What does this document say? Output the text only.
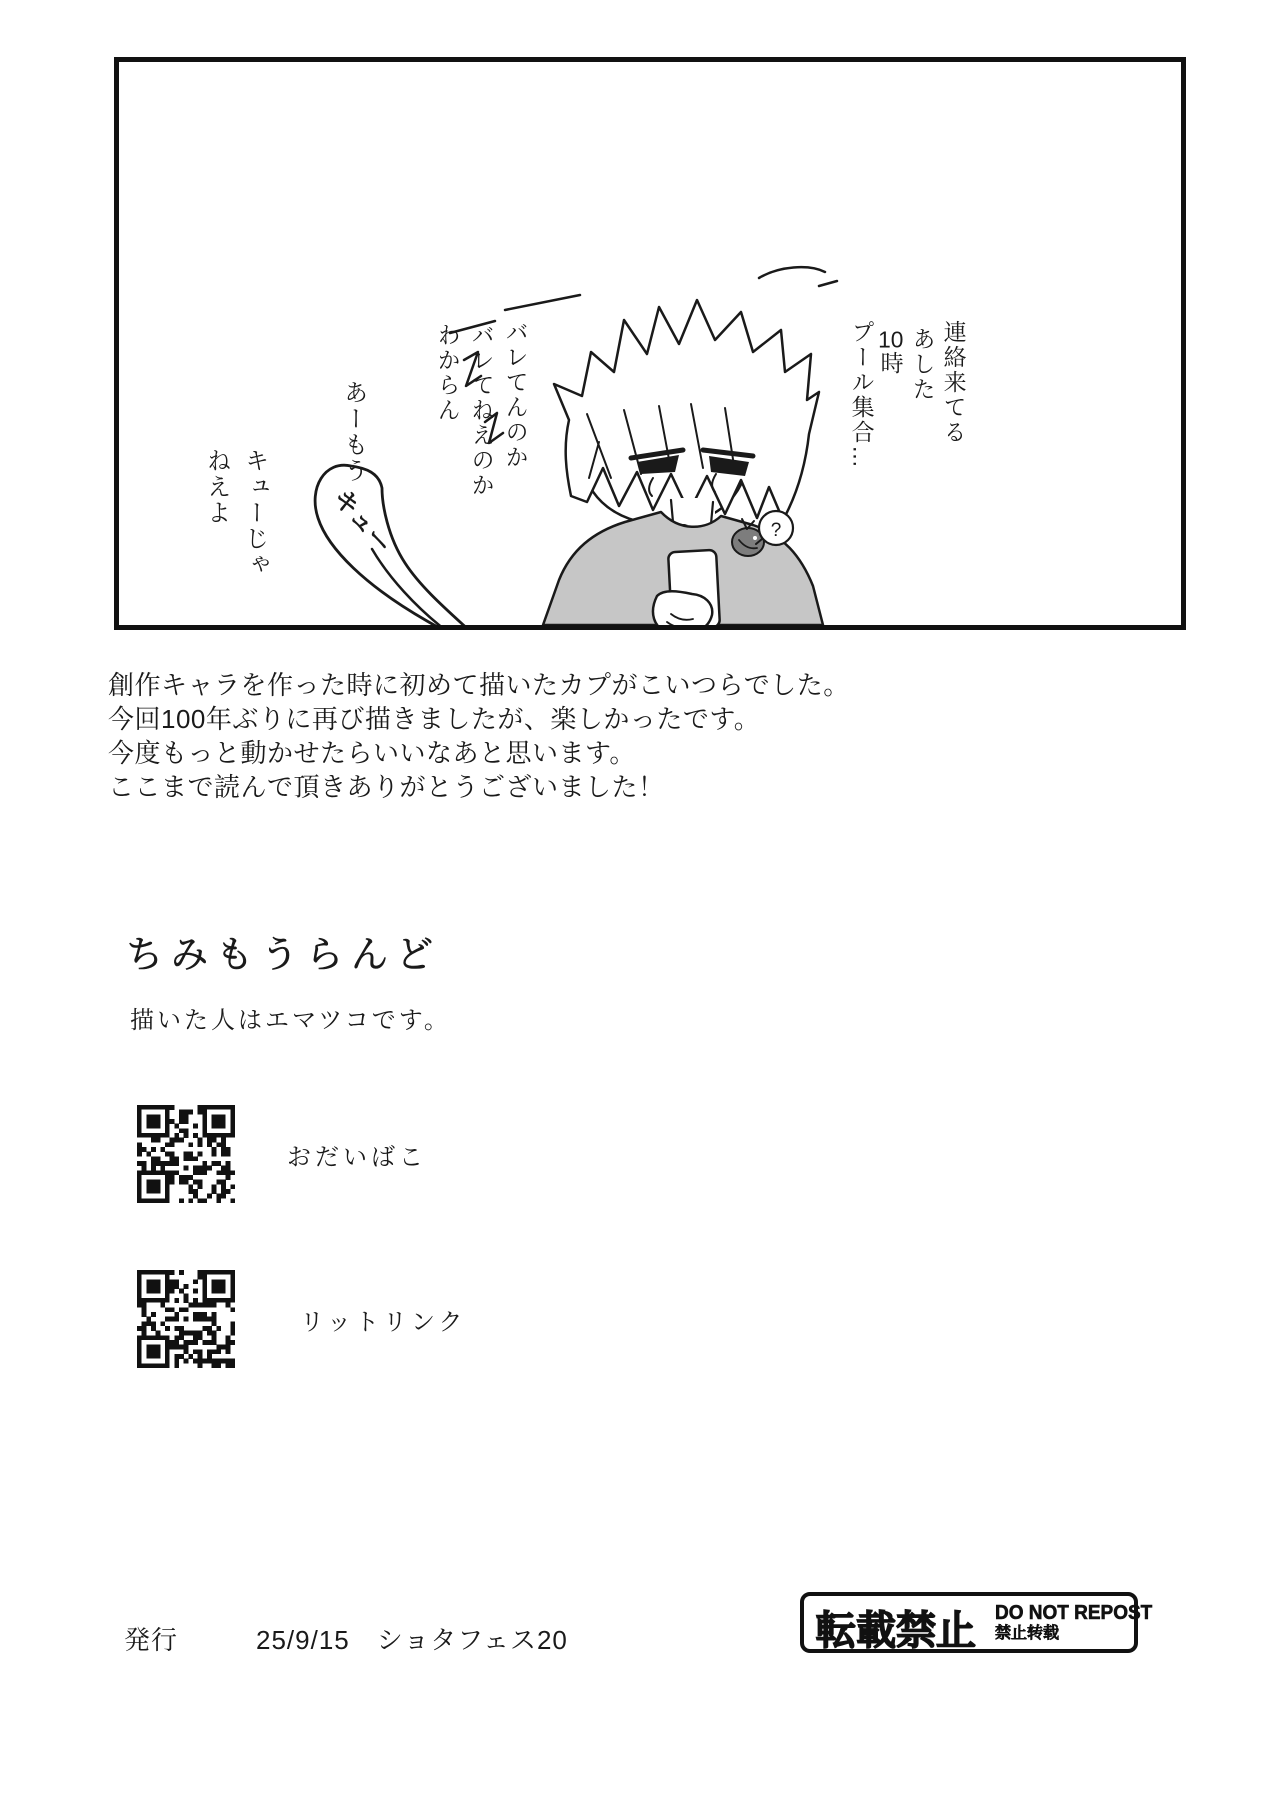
?
キュー
連絡来てる
あした
10時
プール集合…
バレてんのか
バレてねえのか
わからん
あーもう
キューじゃ
ねえよ
創作キャラを作った時に初めて描いたカプがこいつらでした。
今回100年ぶりに再び描きましたが、楽しかったです。
今度もっと動かせたらいいなあと思います。
ここまで読んで頂きありがとうございました！
ちみもうらんど
描いた人はエマツコです。
おだいばこ
リットリンク
発行	25/9/15　ショタフェス20	転載禁止 DO NOT REPOST
禁止转载
